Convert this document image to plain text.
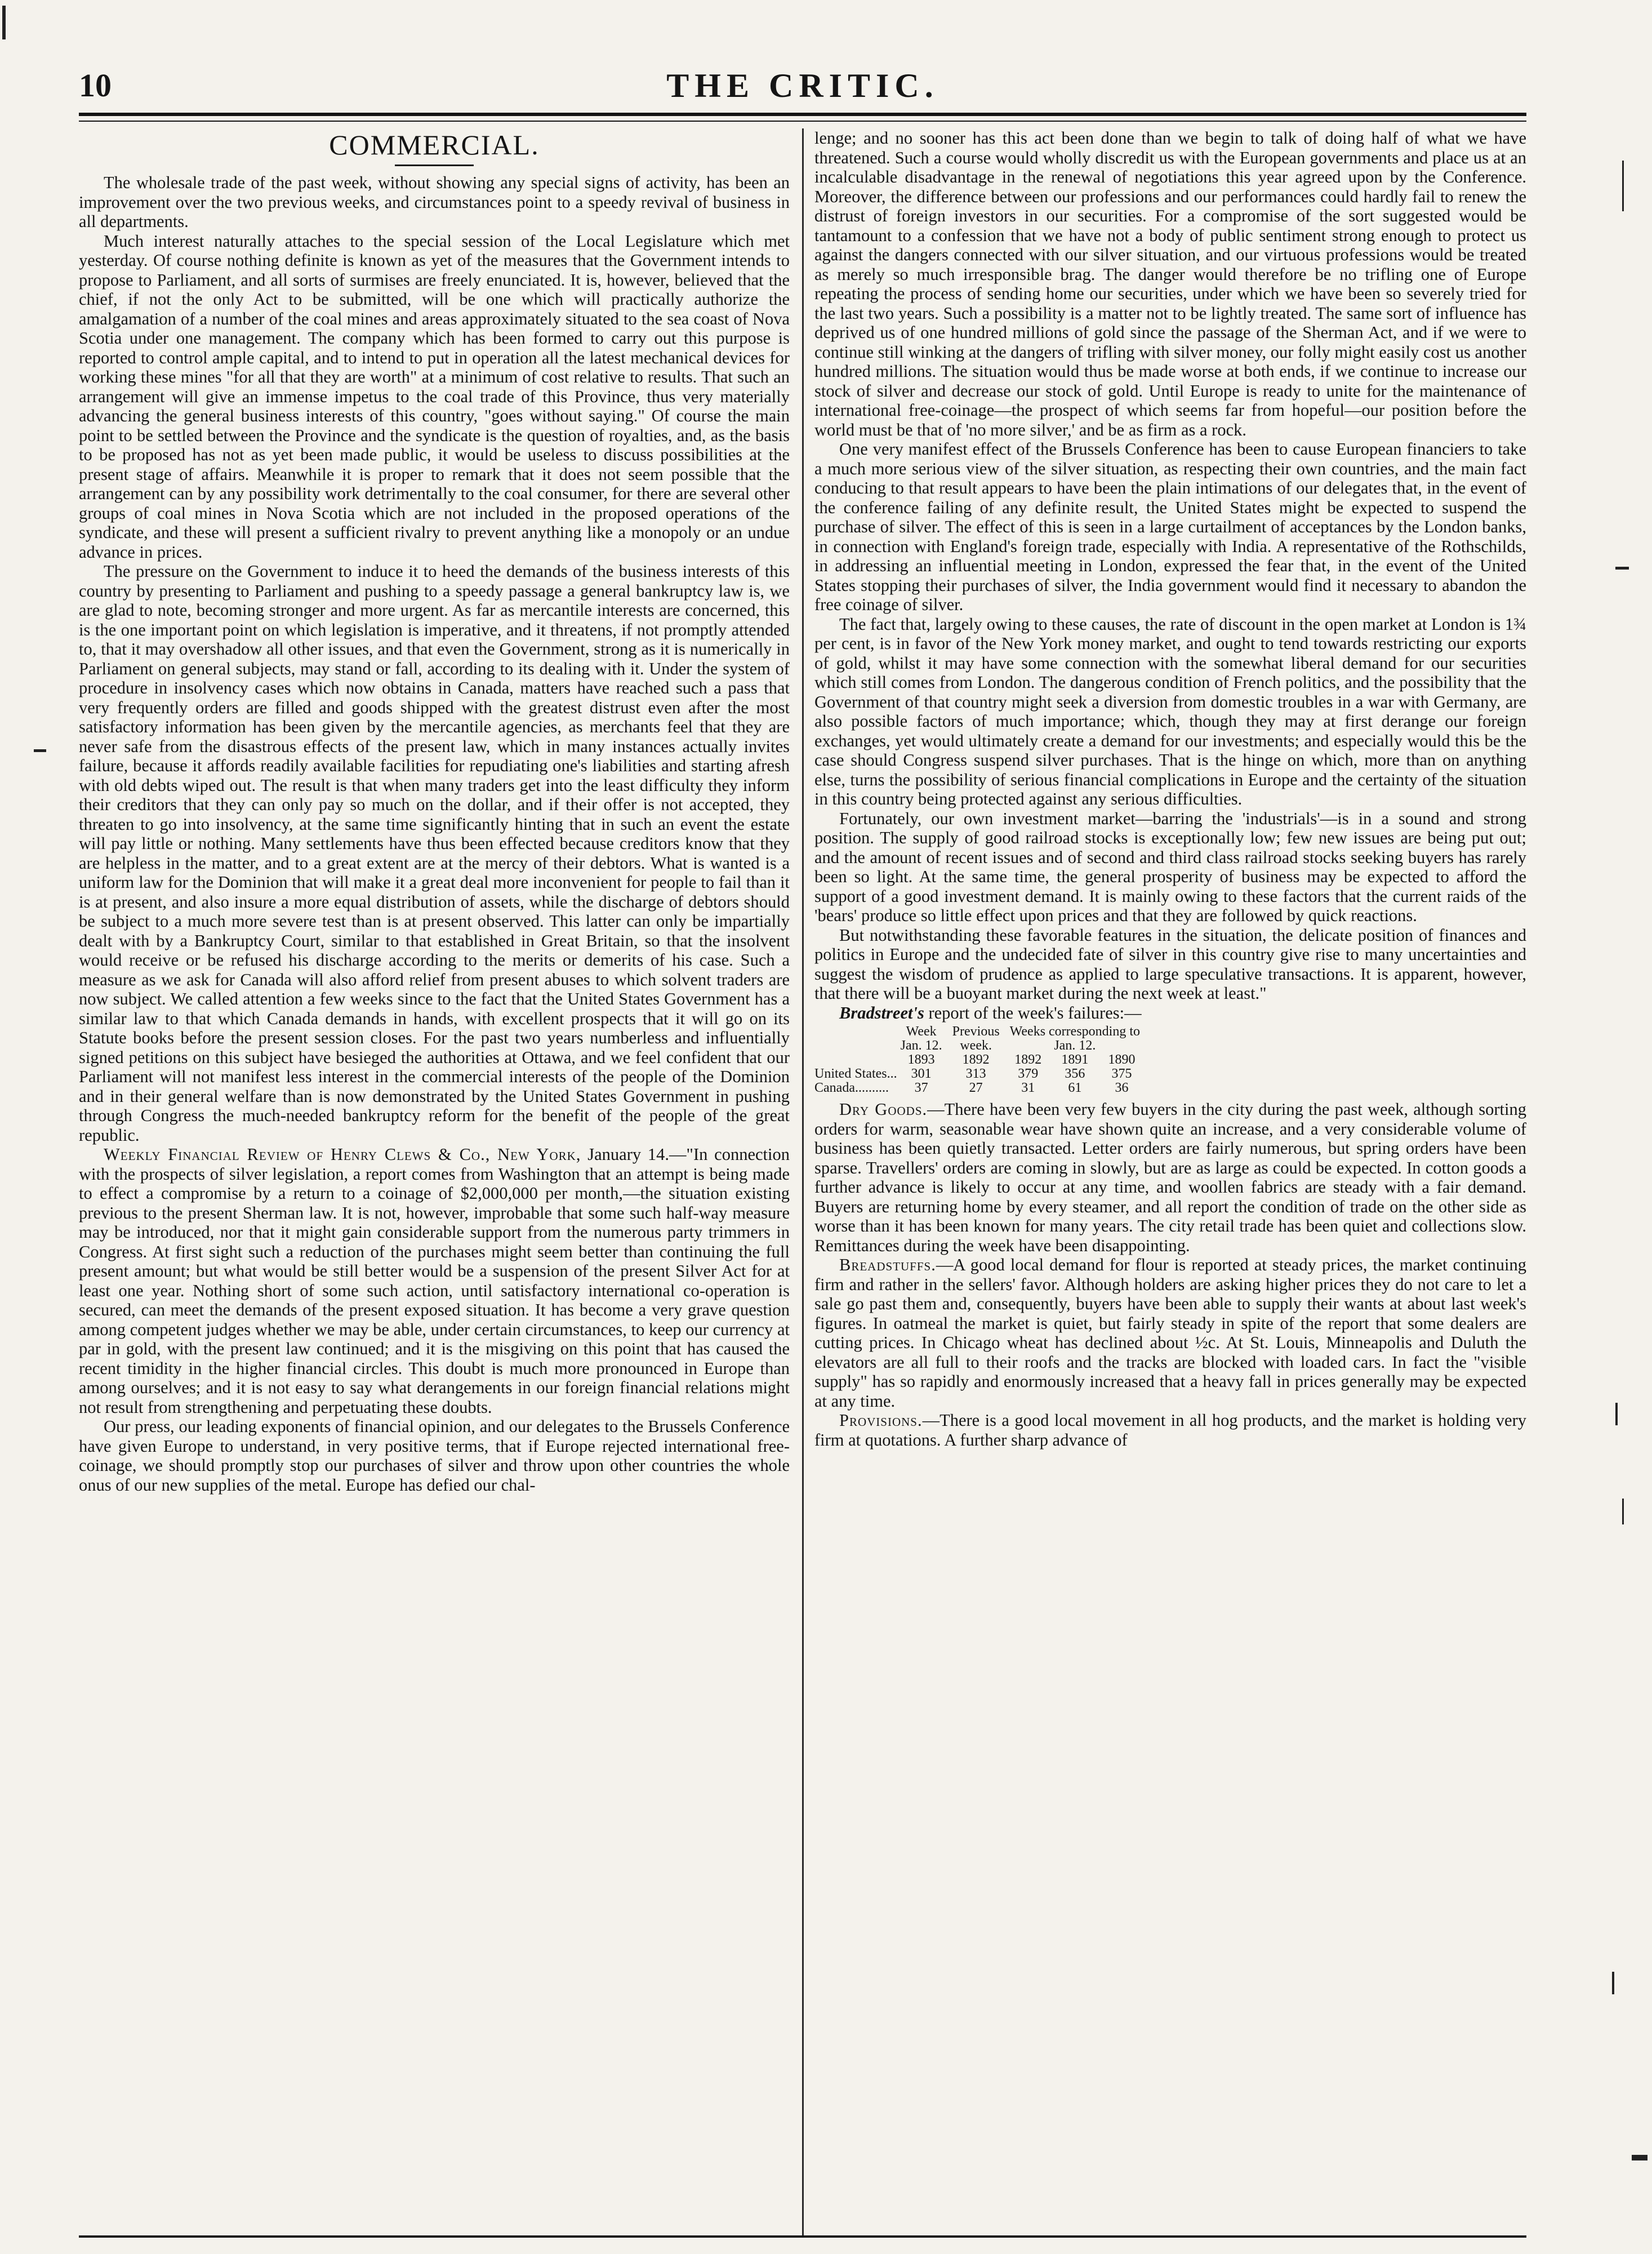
10	THE CRITIC.
COMMERCIAL.

The wholesale trade of the past week, without showing any special signs of activity, has been an improvement over the two previous weeks, and circumstances point to a speedy revival of business in all departments.

Much interest naturally attaches to the special session of the Local Legislature which met yesterday. Of course nothing definite is known as yet of the measures that the Government intends to propose to Parliament, and all sorts of surmises are freely enunciated. It is, however, believed that the chief, if not the only Act to be submitted, will be one which will practically authorize the amalgamation of a number of the coal mines and areas approximately situated to the sea coast of Nova Scotia under one management. The company which has been formed to carry out this purpose is reported to control ample capital, and to intend to put in operation all the latest mechanical devices for working these mines "for all that they are worth" at a minimum of cost relative to results. That such an arrangement will give an immense impetus to the coal trade of this Province, thus very materially advancing the general business interests of this country, "goes without saying." Of course the main point to be settled between the Province and the syndicate is the question of royalties, and, as the basis to be proposed has not as yet been made public, it would be useless to discuss possibilities at the present stage of affairs. Meanwhile it is proper to remark that it does not seem possible that the arrangement can by any possibility work detrimentally to the coal consumer, for there are several other groups of coal mines in Nova Scotia which are not included in the proposed operations of the syndicate, and these will present a sufficient rivalry to prevent anything like a monopoly or an undue advance in prices.

The pressure on the Government to induce it to heed the demands of the business interests of this country by presenting to Parliament and pushing to a speedy passage a general bankruptcy law is, we are glad to note, becoming stronger and more urgent. As far as mercantile interests are concerned, this is the one important point on which legislation is imperative, and it threatens, if not promptly attended to, that it may overshadow all other issues, and that even the Government, strong as it is numerically in Parliament on general subjects, may stand or fall, according to its dealing with it. Under the system of procedure in insolvency cases which now obtains in Canada, matters have reached such a pass that very frequently orders are filled and goods shipped with the greatest distrust even after the most satisfactory information has been given by the mercantile agencies, as merchants feel that they are never safe from the disastrous effects of the present law, which in many instances actually invites failure, because it affords readily available facilities for repudiating one's liabilities and starting afresh with old debts wiped out. The result is that when many traders get into the least difficulty they inform their creditors that they can only pay so much on the dollar, and if their offer is not accepted, they threaten to go into insolvency, at the same time significantly hinting that in such an event the estate will pay little or nothing. Many settlements have thus been effected because creditors know that they are helpless in the matter, and to a great extent are at the mercy of their debtors. What is wanted is a uniform law for the Dominion that will make it a great deal more inconvenient for people to fail than it is at present, and also insure a more equal distribution of assets, while the discharge of debtors should be subject to a much more severe test than is at present observed. This latter can only be impartially dealt with by a Bankruptcy Court, similar to that established in Great Britain, so that the insolvent would receive or be refused his discharge according to the merits or demerits of his case. Such a measure as we ask for Canada will also afford relief from present abuses to which solvent traders are now subject. We called attention a few weeks since to the fact that the United States Government has a similar law to that which Canada demands in hands, with excellent prospects that it will go on its Statute books before the present session closes. For the past two years numberless and influentially signed petitions on this subject have besieged the authorities at Ottawa, and we feel confident that our Parliament will not manifest less interest in the commercial interests of the people of the Dominion and in their general welfare than is now demonstrated by the United States Government in pushing through Congress the much-needed bankruptcy reform for the benefit of the people of the great republic.

Weekly Financial Review of Henry Clews & Co., New York, January 14.—"In connection with the prospects of silver legislation, a report comes from Washington that an attempt is being made to effect a compromise by a return to a coinage of $2,000,000 per month,—the situation existing previous to the present Sherman law. It is not, however, improbable that some such half-way measure may be introduced, nor that it might gain considerable support from the numerous party trimmers in Congress. At first sight such a reduction of the purchases might seem better than continuing the full present amount; but what would be still better would be a suspension of the present Silver Act for at least one year. Nothing short of some such action, until satisfactory international co-operation is secured, can meet the demands of the present exposed situation. It has become a very grave question among competent judges whether we may be able, under certain circumstances, to keep our currency at par in gold, with the present law continued; and it is the misgiving on this point that has caused the recent timidity in the higher financial circles. This doubt is much more pronounced in Europe than among ourselves; and it is not easy to say what derangements in our foreign financial relations might not result from strengthening and perpetuating these doubts.

Our press, our leading exponents of financial opinion, and our delegates to the Brussels Conference have given Europe to understand, in very positive terms, that if Europe rejected international free-coinage, we should promptly stop our purchases of silver and throw upon other countries the whole onus of our new supplies of the metal. Europe has defied our chal-

lenge; and no sooner has this act been done than we begin to talk of doing half of what we have threatened. Such a course would wholly discredit us with the European governments and place us at an incalculable disadvantage in the renewal of negotiations this year agreed upon by the Conference. Moreover, the difference between our professions and our performances could hardly fail to renew the distrust of foreign investors in our securities. For a compromise of the sort suggested would be tantamount to a confession that we have not a body of public sentiment strong enough to protect us against the dangers connected with our silver situation, and our virtuous professions would be treated as merely so much irresponsible brag. The danger would therefore be no trifling one of Europe repeating the process of sending home our securities, under which we have been so severely tried for the last two years. Such a possibility is a matter not to be lightly treated. The same sort of influence has deprived us of one hundred millions of gold since the passage of the Sherman Act, and if we were to continue still winking at the dangers of trifling with silver money, our folly might easily cost us another hundred millions. The situation would thus be made worse at both ends, if we continue to increase our stock of silver and decrease our stock of gold. Until Europe is ready to unite for the maintenance of international free-coinage—the prospect of which seems far from hopeful—our position before the world must be that of 'no more silver,' and be as firm as a rock.

One very manifest effect of the Brussels Conference has been to cause European financiers to take a much more serious view of the silver situation, as respecting their own countries, and the main fact conducing to that result appears to have been the plain intimations of our delegates that, in the event of the conference failing of any definite result, the United States might be expected to suspend the purchase of silver. The effect of this is seen in a large curtailment of acceptances by the London banks, in connection with England's foreign trade, especially with India. A representative of the Rothschilds, in addressing an influential meeting in London, expressed the fear that, in the event of the United States stopping their purchases of silver, the India government would find it necessary to abandon the free coinage of silver.

The fact that, largely owing to these causes, the rate of discount in the open market at London is 1¾ per cent, is in favor of the New York money market, and ought to tend towards restricting our exports of gold, whilst it may have some connection with the somewhat liberal demand for our securities which still comes from London. The dangerous condition of French politics, and the possibility that the Government of that country might seek a diversion from domestic troubles in a war with Germany, are also possible factors of much importance; which, though they may at first derange our foreign exchanges, yet would ultimately create a demand for our investments; and especially would this be the case should Congress suspend silver purchases. That is the hinge on which, more than on anything else, turns the possibility of serious financial complications in Europe and the certainty of the situation in this country being protected against any serious difficulties.

Fortunately, our own investment market—barring the 'industrials'—is in a sound and strong position. The supply of good railroad stocks is exceptionally low; few new issues are being put out; and the amount of recent issues and of second and third class railroad stocks seeking buyers has rarely been so light. At the same time, the general prosperity of business may be expected to afford the support of a good investment demand. It is mainly owing to these factors that the current raids of the 'bears' produce so little effect upon prices and that they are followed by quick reactions.

But notwithstanding these favorable features in the situation, the delicate position of finances and politics in Europe and the undecided fate of silver in this country give rise to many uncertainties and suggest the wisdom of prudence as applied to large speculative transactions. It is apparent, however, that there will be a buoyant market during the next week at least."

Bradstreet's report of the week's failures:—

	Week	Previous	Weeks corresponding to		
	Jan. 12.	week.	Jan. 12.		
	1893	1892	1892	1891	1890
United States...	301	313	379	356	375
Canada..........	37	27	31	61	36

Dry Goods.—There have been very few buyers in the city during the past week, although sorting orders for warm, seasonable wear have shown quite an increase, and a very considerable volume of business has been quietly transacted. Letter orders are fairly numerous, but spring orders have been sparse. Travellers' orders are coming in slowly, but are as large as could be expected. In cotton goods a further advance is likely to occur at any time, and woollen fabrics are steady with a fair demand. Buyers are returning home by every steamer, and all report the condition of trade on the other side as worse than it has been known for many years. The city retail trade has been quiet and collections slow. Remittances during the week have been disappointing.

Breadstuffs.—A good local demand for flour is reported at steady prices, the market continuing firm and rather in the sellers' favor. Although holders are asking higher prices they do not care to let a sale go past them and, consequently, buyers have been able to supply their wants at about last week's figures. In oatmeal the market is quiet, but fairly steady in spite of the report that some dealers are cutting prices. In Chicago wheat has declined about ½c. At St. Louis, Minneapolis and Duluth the elevators are all full to their roofs and the tracks are blocked with loaded cars. In fact the "visible supply" has so rapidly and enormously increased that a heavy fall in prices generally may be expected at any time.

Provisions.—There is a good local movement in all hog products, and the market is holding very firm at quotations. A further sharp advance of
